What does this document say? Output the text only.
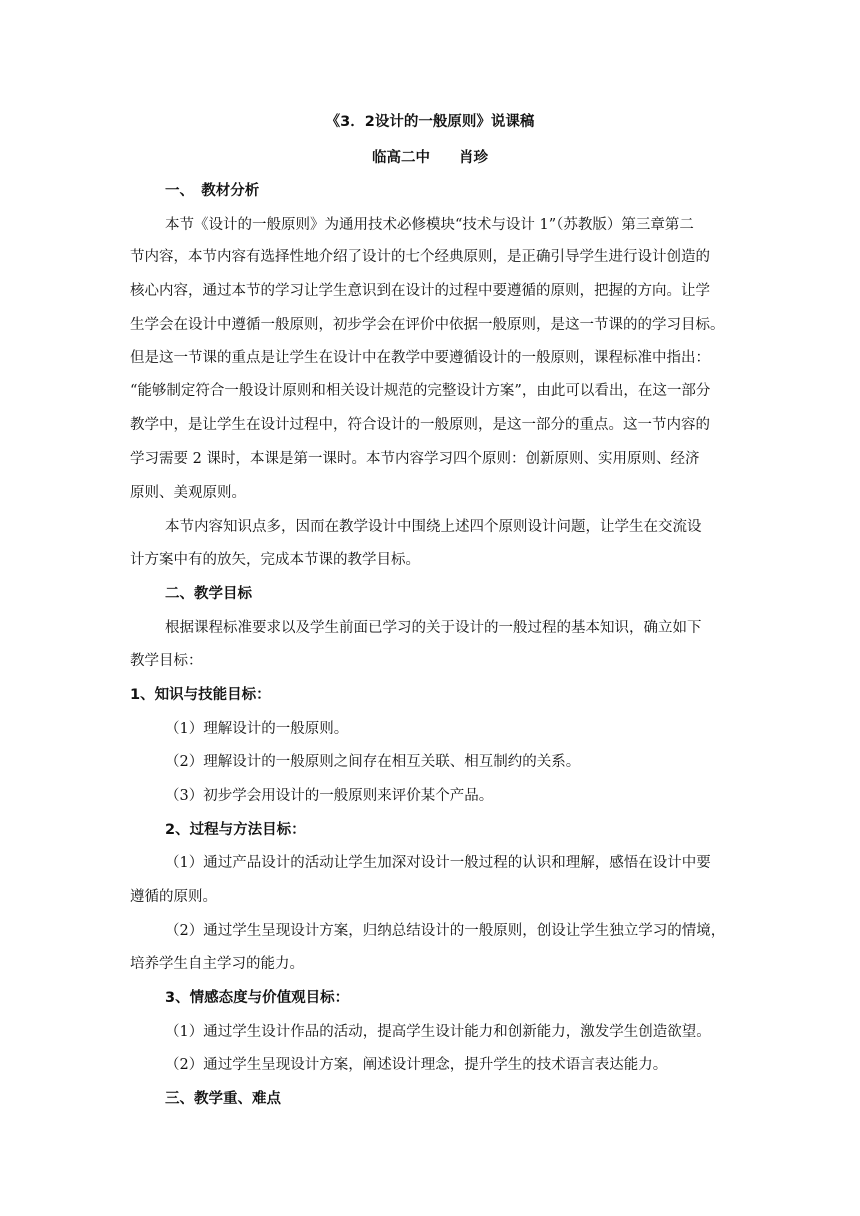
《3．2设计的一般原则》说课稿
临高二中　　肖珍
一、　教材分析
本节《设计的一般原则》为通用技术必修模块“技术与设计 1”（苏教版）第三章第二
节内容，本节内容有选择性地介绍了设计的七个经典原则，是正确引导学生进行设计创造的
核心内容，通过本节的学习让学生意识到在设计的过程中要遵循的原则，把握的方向。让学
生学会在设计中遵循一般原则，初步学会在评价中依据一般原则，是这一节课的的学习目标。
但是这一节课的重点是让学生在设计中在教学中要遵循设计的一般原则，课程标准中指出：
“能够制定符合一般设计原则和相关设计规范的完整设计方案”，由此可以看出，在这一部分
教学中，是让学生在设计过程中，符合设计的一般原则，是这一部分的重点。这一节内容的
学习需要 2 课时，本课是第一课时。本节内容学习四个原则：创新原则、实用原则、经济
原则、美观原则。
本节内容知识点多，因而在教学设计中围绕上述四个原则设计问题，让学生在交流设
计方案中有的放矢，完成本节课的教学目标。
二、教学目标
根据课程标准要求以及学生前面已学习的关于设计的一般过程的基本知识，确立如下
教学目标：
1、知识与技能目标：
（1）理解设计的一般原则。
（2）理解设计的一般原则之间存在相互关联、相互制约的关系。
（3）初步学会用设计的一般原则来评价某个产品。
2、过程与方法目标：
（1）通过产品设计的活动让学生加深对设计一般过程的认识和理解，感悟在设计中要
遵循的原则。
（2）通过学生呈现设计方案，归纳总结设计的一般原则，创设让学生独立学习的情境，
培养学生自主学习的能力。
3、情感态度与价值观目标：
（1）通过学生设计作品的活动，提高学生设计能力和创新能力，激发学生创造欲望。
（2）通过学生呈现设计方案，阐述设计理念，提升学生的技术语言表达能力。
三、教学重、难点
